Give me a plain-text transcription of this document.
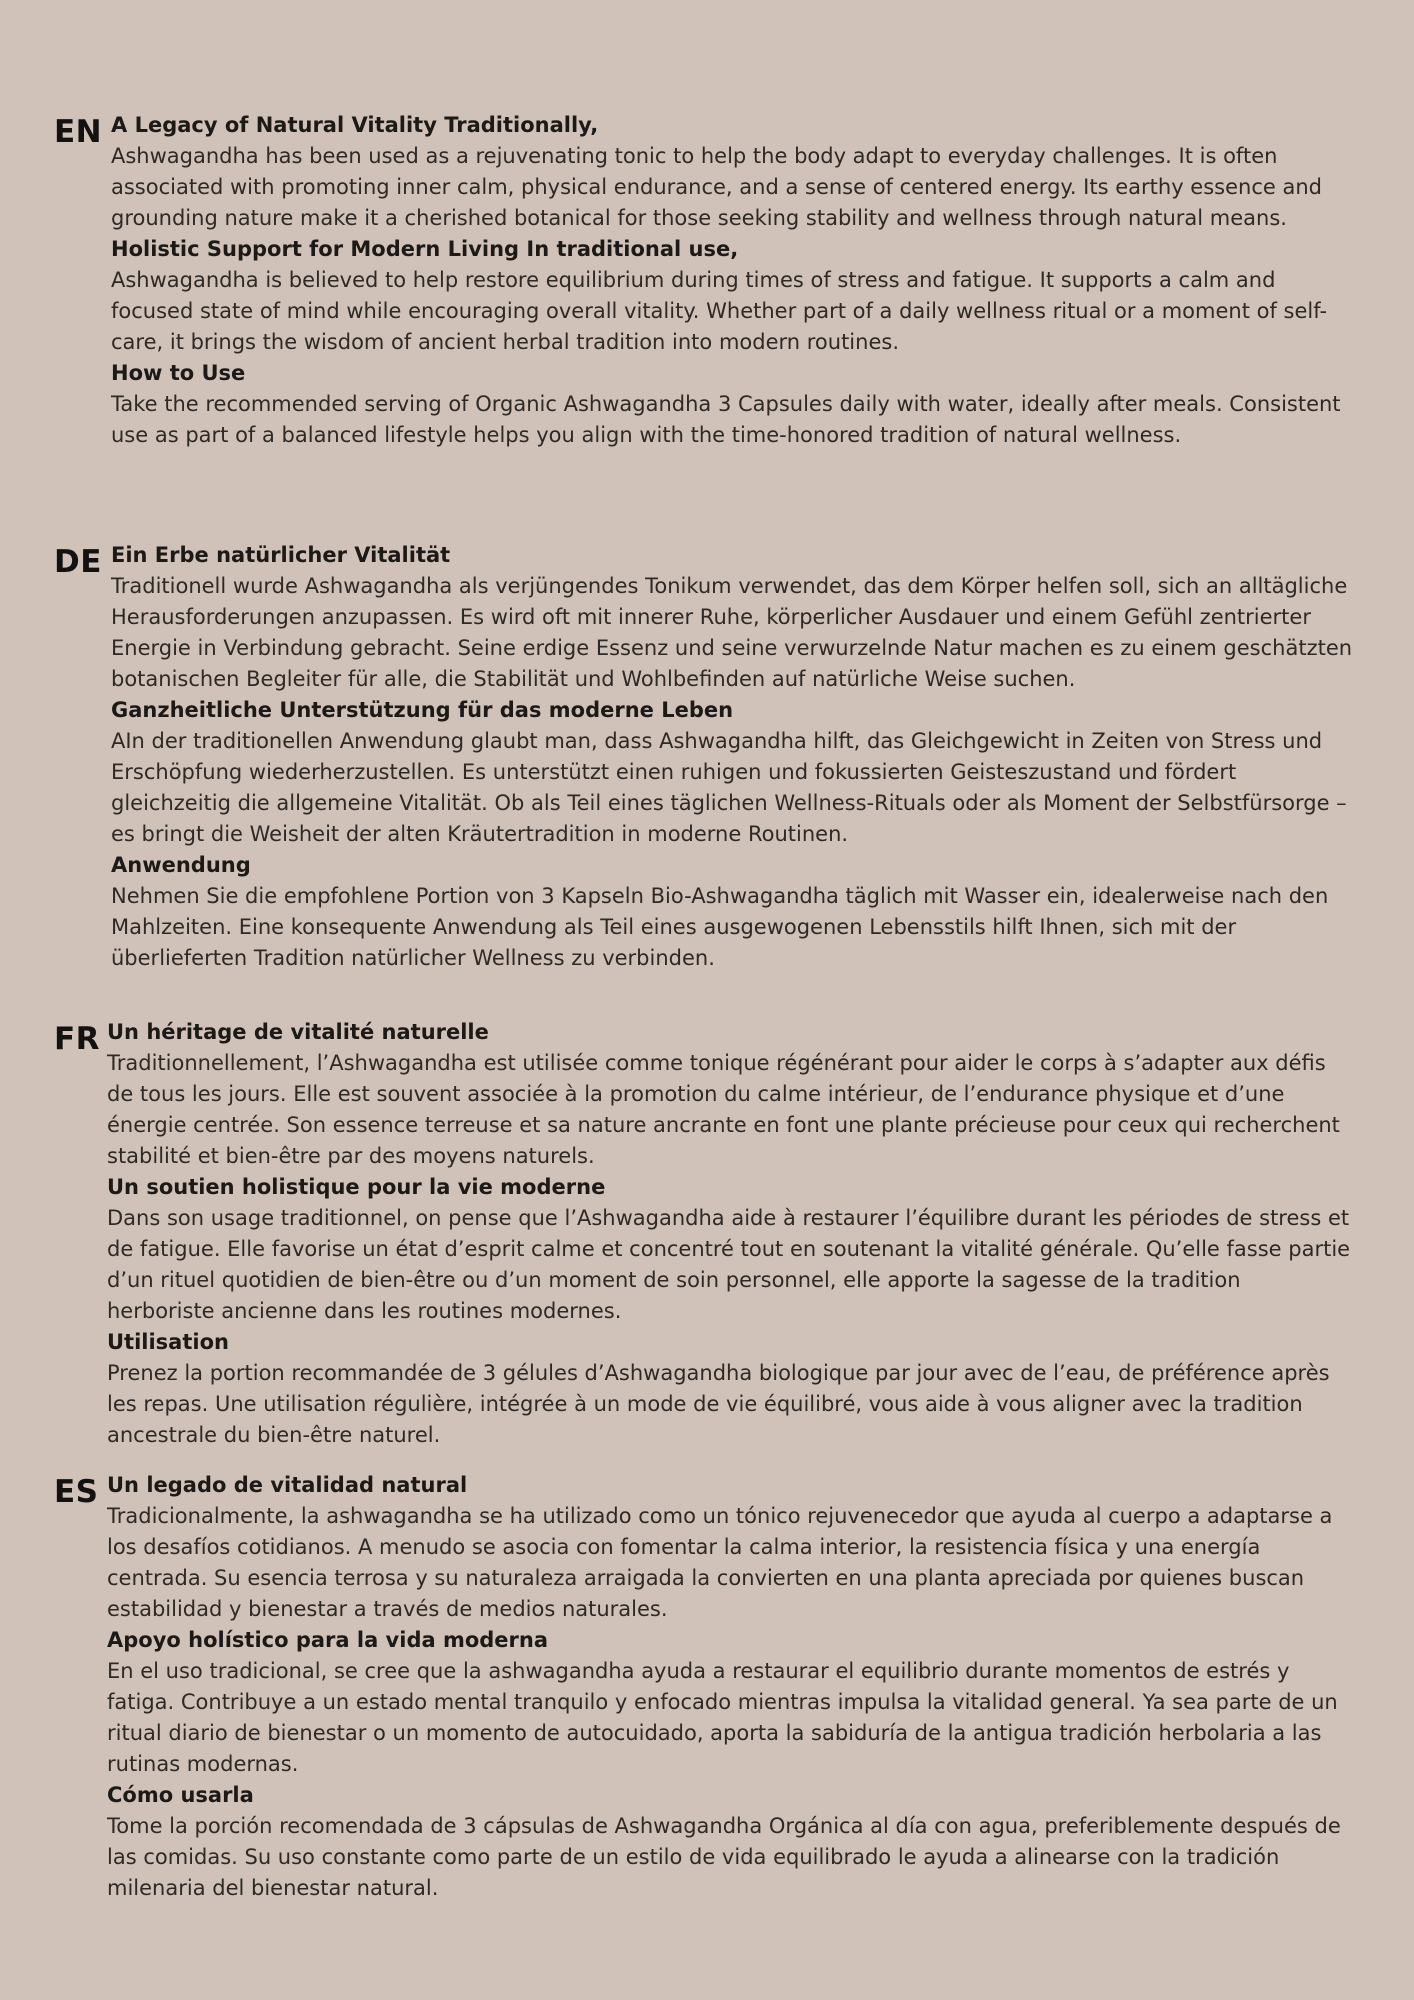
EN A Legacy of Natural Vitality Traditionally,

Ashwagandha has been used as a rejuvenating tonic to help the body adapt to everyday challenges. It is often associated with promoting inner calm, physical endurance, and a sense of centered energy. Its earthy essence and grounding nature make it a cherished botanical for those seeking stability and wellness through natural means.

Holistic Support for Modern Living In traditional use,

Ashwagandha is believed to help restore equilibrium during times of stress and fatigue. It supports a calm and focused state of mind while encouraging overall vitality. Whether part of a daily wellness ritual or a moment of self-care, it brings the wisdom of ancient herbal tradition into modern routines.

How to Use

Take the recommended serving of Organic Ashwagandha 3 Capsules daily with water, ideally after meals. Consistent use as part of a balanced lifestyle helps you align with the time-honored tradition of natural wellness.

DE Ein Erbe natürlicher Vitalität

Traditionell wurde Ashwagandha als verjüngendes Tonikum verwendet, das dem Körper helfen soll, sich an alltägliche Herausforderungen anzupassen. Es wird oft mit innerer Ruhe, körperlicher Ausdauer und einem Gefühl zentrierter Energie in Verbindung gebracht. Seine erdige Essenz und seine verwurzelnde Natur machen es zu einem geschätzten botanischen Begleiter für alle, die Stabilität und Wohlbefinden auf natürliche Weise suchen.

Ganzheitliche Unterstützung für das moderne Leben

AIn der traditionellen Anwendung glaubt man, dass Ashwagandha hilft, das Gleichgewicht in Zeiten von Stress und Erschöpfung wiederherzustellen. Es unterstützt einen ruhigen und fokussierten Geisteszustand und fördert gleichzeitig die allgemeine Vitalität. Ob als Teil eines täglichen Wellness-Rituals oder als Moment der Selbstfürsorge – es bringt die Weisheit der alten Kräutertradition in moderne Routinen.

Anwendung

Nehmen Sie die empfohlene Portion von 3 Kapseln Bio-Ashwagandha täglich mit Wasser ein, idealerweise nach den Mahlzeiten. Eine konsequente Anwendung als Teil eines ausgewogenen Lebensstils hilft Ihnen, sich mit der überlieferten Tradition natürlicher Wellness zu verbinden.

FR Un héritage de vitalité naturelle

Traditionnellement, l’Ashwagandha est utilisée comme tonique régénérant pour aider le corps à s’adapter aux défis de tous les jours. Elle est souvent associée à la promotion du calme intérieur, de l’endurance physique et d’une énergie centrée. Son essence terreuse et sa nature ancrante en font une plante précieuse pour ceux qui recherchent stabilité et bien-être par des moyens naturels.

Un soutien holistique pour la vie moderne

Dans son usage traditionnel, on pense que l’Ashwagandha aide à restaurer l’équilibre durant les périodes de stress et de fatigue. Elle favorise un état d’esprit calme et concentré tout en soutenant la vitalité générale. Qu’elle fasse partie d’un rituel quotidien de bien-être ou d’un moment de soin personnel, elle apporte la sagesse de la tradition herboriste ancienne dans les routines modernes.

Utilisation

Prenez la portion recommandée de 3 gélules d’Ashwagandha biologique par jour avec de l’eau, de préférence après les repas. Une utilisation régulière, intégrée à un mode de vie équilibré, vous aide à vous aligner avec la tradition ancestrale du bien-être naturel.

ES Un legado de vitalidad natural

Tradicionalmente, la ashwagandha se ha utilizado como un tónico rejuvenecedor que ayuda al cuerpo a adaptarse a los desafíos cotidianos. A menudo se asocia con fomentar la calma interior, la resistencia física y una energía centrada. Su esencia terrosa y su naturaleza arraigada la convierten en una planta apreciada por quienes buscan estabilidad y bienestar a través de medios naturales.

Apoyo holístico para la vida moderna

En el uso tradicional, se cree que la ashwagandha ayuda a restaurar el equilibrio durante momentos de estrés y fatiga. Contribuye a un estado mental tranquilo y enfocado mientras impulsa la vitalidad general. Ya sea parte de un ritual diario de bienestar o un momento de autocuidado, aporta la sabiduría de la antigua tradición herbolaria a las rutinas modernas.

Cómo usarla

Tome la porción recomendada de 3 cápsulas de Ashwagandha Orgánica al día con agua, preferiblemente después de las comidas. Su uso constante como parte de un estilo de vida equilibrado le ayuda a alinearse con la tradición milenaria del bienestar natural.
